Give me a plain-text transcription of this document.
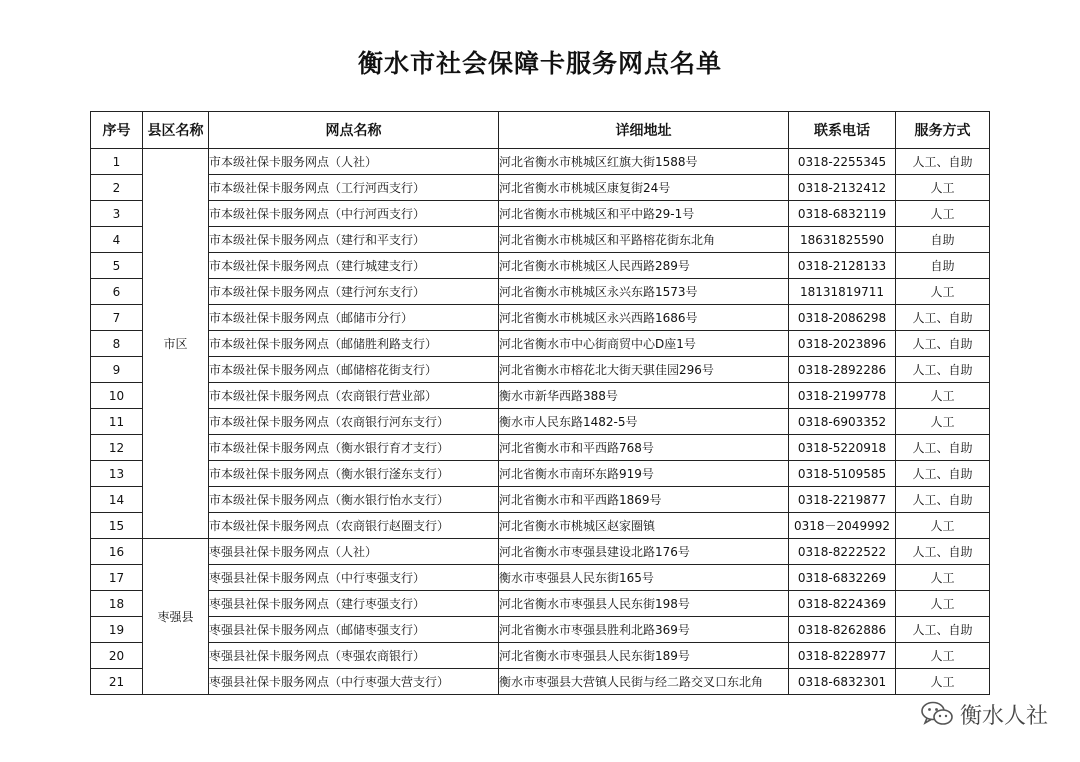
衡水市社会保障卡服务网点名单
序号	县区名称	网点名称	详细地址	联系电话	服务方式
1	市区	市本级社保卡服务网点（人社）	河北省衡水市桃城区红旗大街1588号	0318-2255345	人工、自助
2		市本级社保卡服务网点（工行河西支行）	河北省衡水市桃城区康复街24号	0318-2132412	人工
3		市本级社保卡服务网点（中行河西支行）	河北省衡水市桃城区和平中路29-1号	0318-6832119	人工
4		市本级社保卡服务网点（建行和平支行）	河北省衡水市桃城区和平路榕花街东北角	18631825590	自助
5		市本级社保卡服务网点（建行城建支行）	河北省衡水市桃城区人民西路289号	0318-2128133	自助
6		市本级社保卡服务网点（建行河东支行）	河北省衡水市桃城区永兴东路1573号	18131819711	人工
7		市本级社保卡服务网点（邮储市分行）	河北省衡水市桃城区永兴西路1686号	0318-2086298	人工、自助
8		市本级社保卡服务网点（邮储胜利路支行）	河北省衡水市中心街商贸中心D座1号	0318-2023896	人工、自助
9		市本级社保卡服务网点（邮储榕花街支行）	河北省衡水市榕花北大街天骐佳园296号	0318-2892286	人工、自助
10		市本级社保卡服务网点（农商银行营业部）	衡水市新华西路388号	0318-2199778	人工
11		市本级社保卡服务网点（农商银行河东支行）	衡水市人民东路1482-5号	0318-6903352	人工
12		市本级社保卡服务网点（衡水银行育才支行）	河北省衡水市和平西路768号	0318-5220918	人工、自助
13		市本级社保卡服务网点（衡水银行滏东支行）	河北省衡水市南环东路919号	0318-5109585	人工、自助
14		市本级社保卡服务网点（衡水银行怡水支行）	河北省衡水市和平西路1869号	0318-2219877	人工、自助
15		市本级社保卡服务网点（农商银行赵圈支行）	河北省衡水市桃城区赵家圈镇	0318－2049992	人工
16	枣强县	枣强县社保卡服务网点（人社）	河北省衡水市枣强县建设北路176号	0318-8222522	人工、自助
17		枣强县社保卡服务网点（中行枣强支行）	衡水市枣强县人民东街165号	0318-6832269	人工
18		枣强县社保卡服务网点（建行枣强支行）	河北省衡水市枣强县人民东街198号	0318-8224369	人工
19		枣强县社保卡服务网点（邮储枣强支行）	河北省衡水市枣强县胜利北路369号	0318-8262886	人工、自助
20		枣强县社保卡服务网点（枣强农商银行）	河北省衡水市枣强县人民东街189号	0318-8228977	人工
21		枣强县社保卡服务网点（中行枣强大营支行）	衡水市枣强县大营镇人民街与经二路交叉口东北角	0318-6832301	人工
衡水人社
